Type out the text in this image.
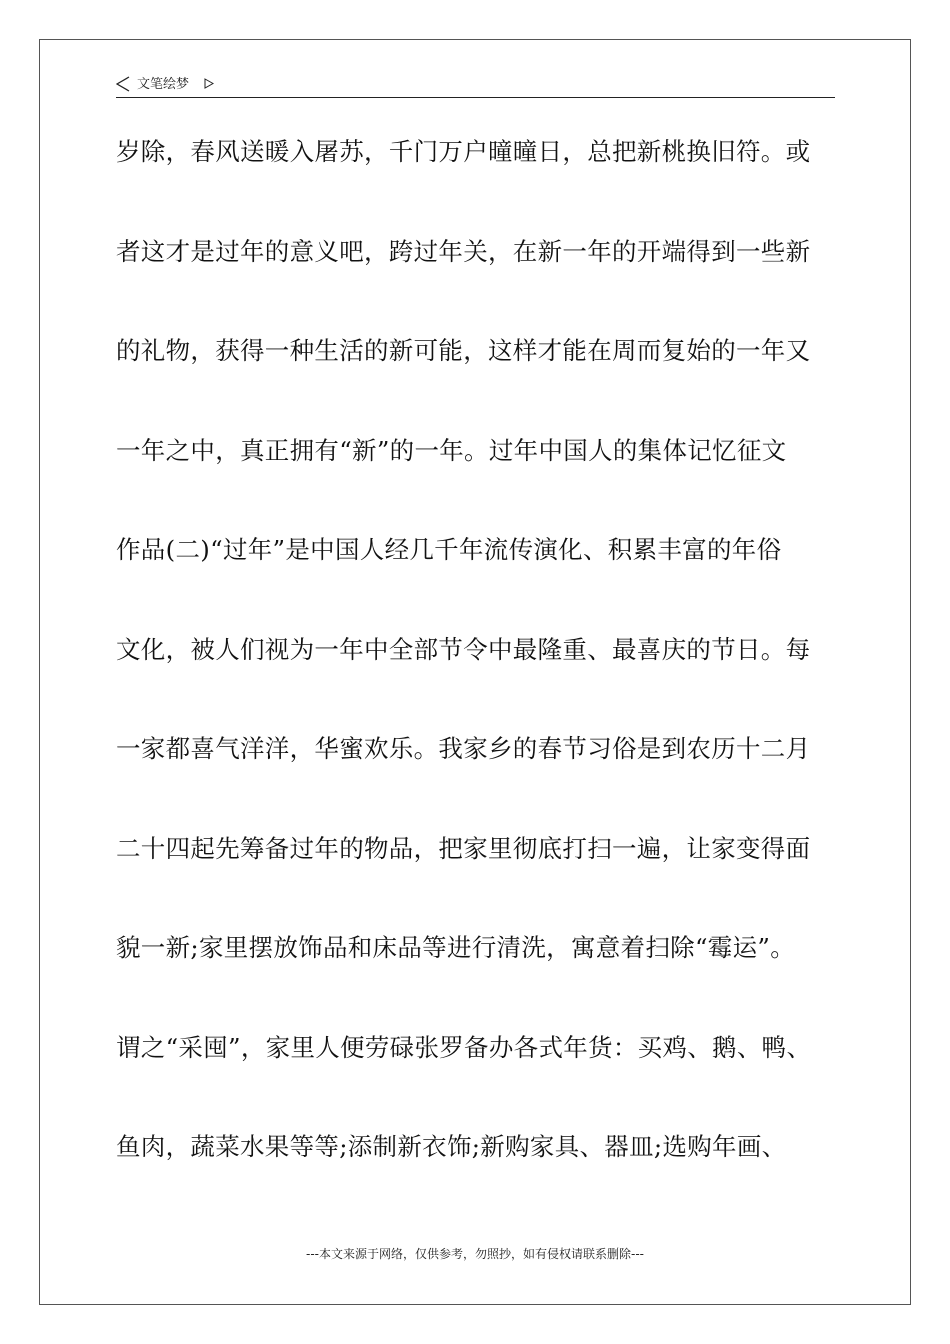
文笔绘梦
岁除，春风送暖入屠苏，千门万户曈曈日，总把新桃换旧符。或
者这才是过年的意义吧，跨过年关，在新一年的开端得到一些新
的礼物，获得一种生活的新可能，这样才能在周而复始的一年又
一年之中，真正拥有“新”的一年。过年中国人的集体记忆征文
作品(二)“过年”是中国人经几千年流传演化、积累丰富的年俗
文化，被人们视为一年中全部节令中最隆重、最喜庆的节日。每
一家都喜气洋洋，华蜜欢乐。我家乡的春节习俗是到农历十二月
二十四起先筹备过年的物品，把家里彻底打扫一遍，让家变得面
貌一新;家里摆放饰品和床品等进行清洗，寓意着扫除“霉运”。
谓之“采囤”，家里人便劳碌张罗备办各式年货：买鸡、鹅、鸭、
鱼肉，蔬菜水果等等;添制新衣饰;新购家具、器皿;选购年画、
---本文来源于网络，仅供参考，勿照抄，如有侵权请联系删除---
